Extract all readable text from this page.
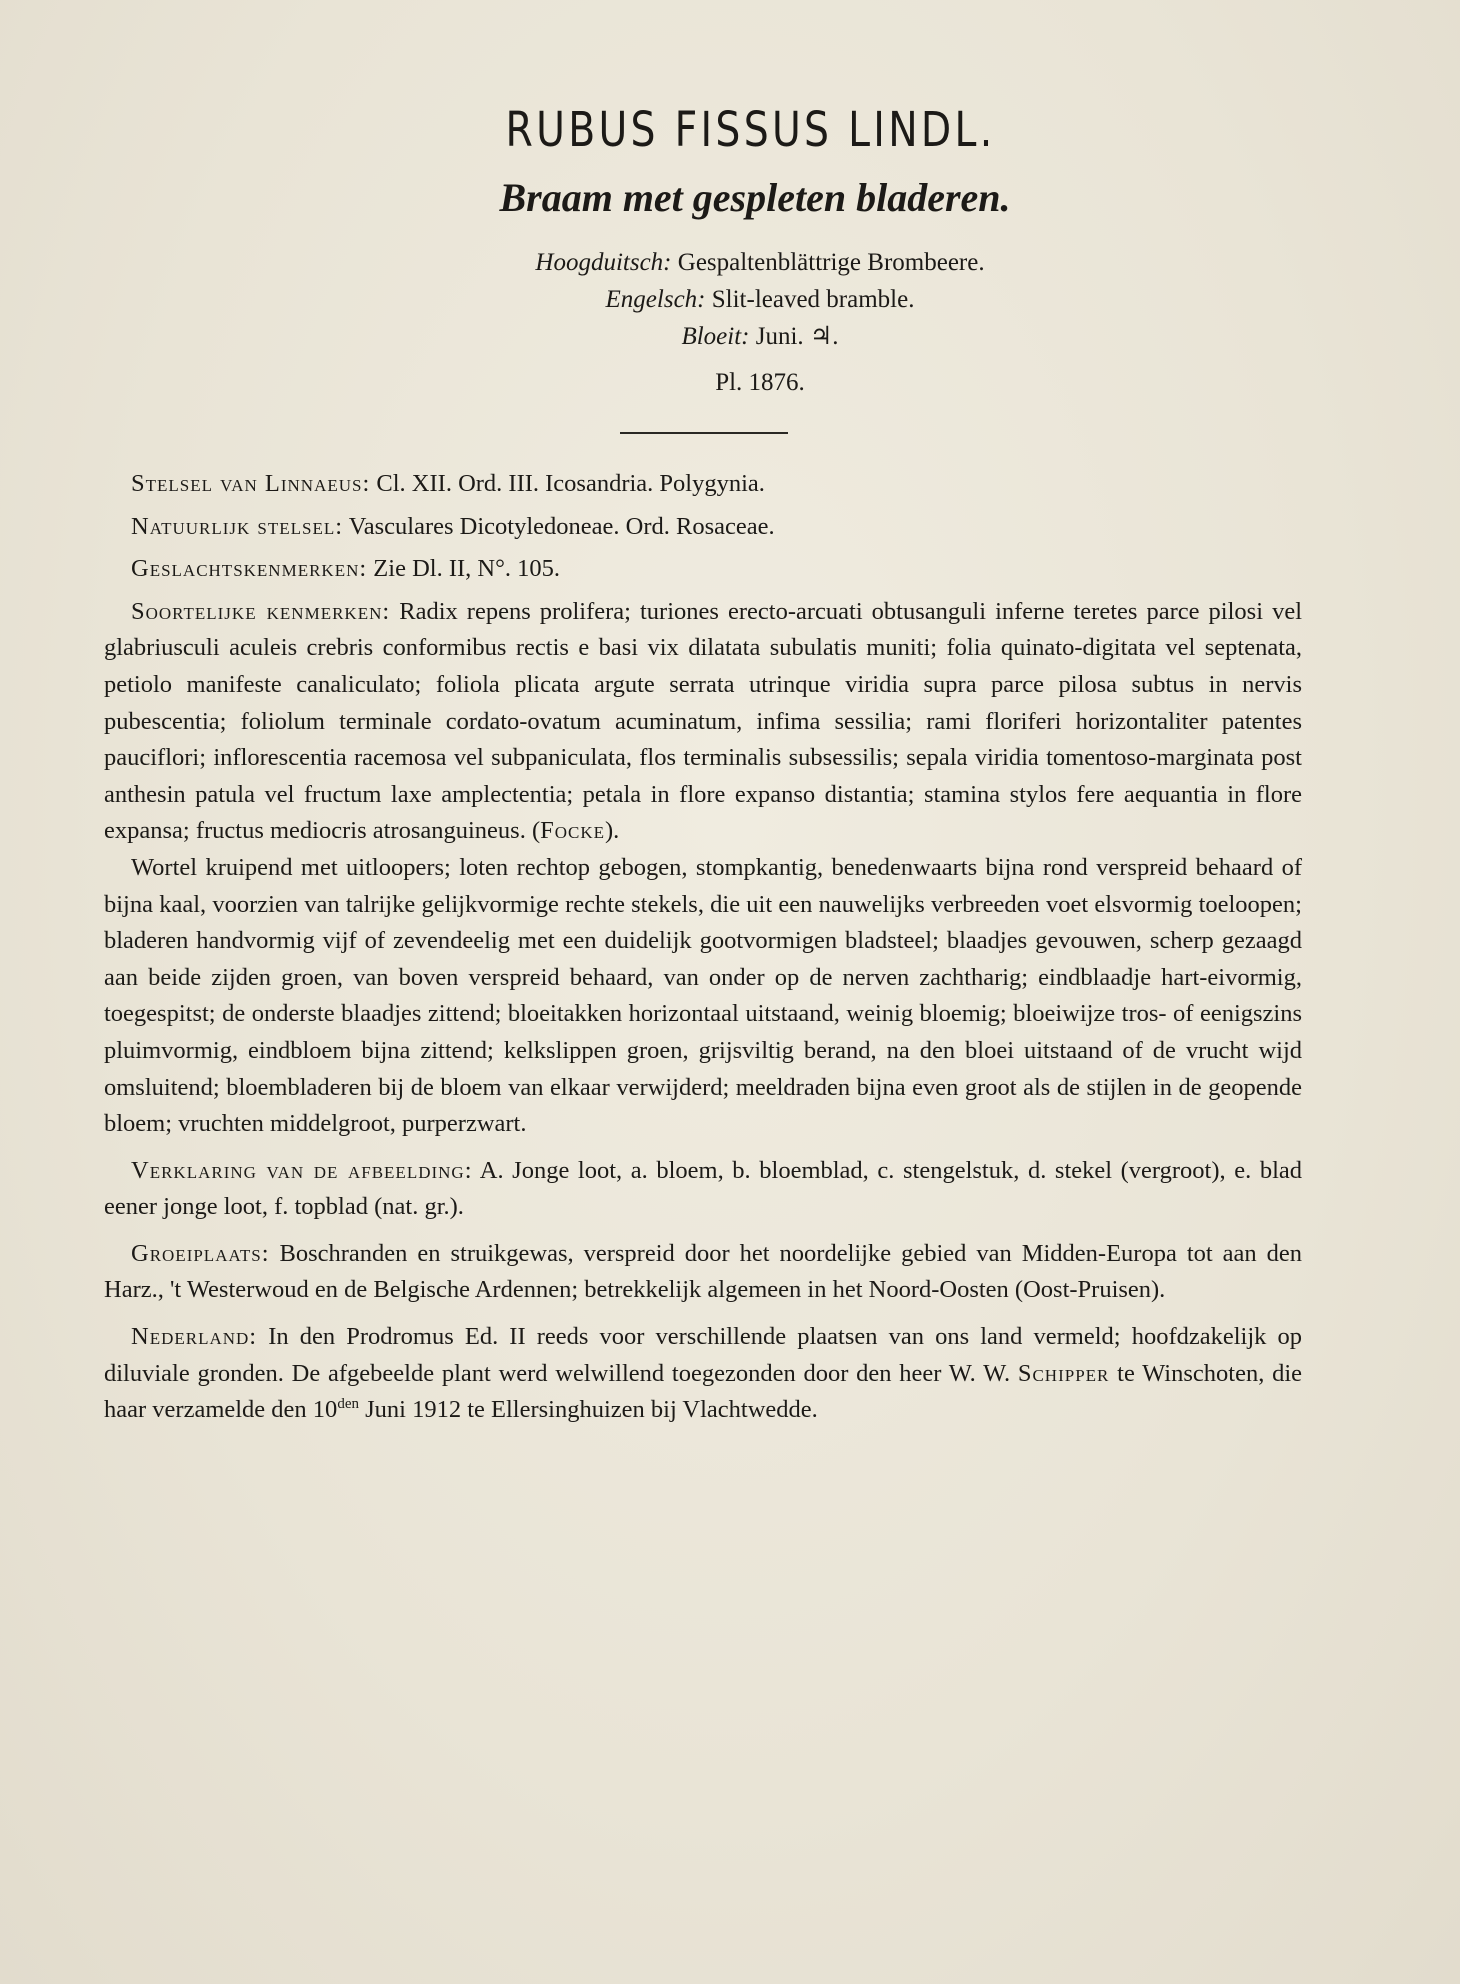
RUBUS FISSUS LINDL.
Braam met gespleten bladeren.
Hoogduitsch: Gespaltenblättrige Brombeere.
Engelsch: Slit-leaved bramble.
Bloeit: Juni. ♃.
Pl. 1876.

Stelsel van Linnaeus: Cl. XII. Ord. III. Icosandria. Polygynia.

Natuurlijk stelsel: Vasculares Dicotyledoneae. Ord. Rosaceae.

Geslachtskenmerken: Zie Dl. II, N°. 105.

Soortelijke kenmerken: Radix repens prolifera; turiones erecto-arcuati obtusanguli inferne teretes parce pilosi vel glabriusculi aculeis crebris conformibus rectis e basi vix dilatata subulatis muniti; folia quinato-digitata vel septenata, petiolo manifeste canaliculato; foliola plicata argute serrata utrinque viridia supra parce pilosa subtus in nervis pubescentia; foliolum terminale cordato-ovatum acuminatum, infima sessilia; rami floriferi horizontaliter patentes pauciflori; inflorescentia racemosa vel subpaniculata, flos terminalis subsessilis; sepala viridia tomentoso-marginata post anthesin patula vel fructum laxe amplectentia; petala in flore expanso distantia; stamina stylos fere aequantia in flore expansa; fructus mediocris atrosanguineus. (Focke).

Wortel kruipend met uitloopers; loten rechtop gebogen, stompkantig, benedenwaarts bijna rond verspreid behaard of bijna kaal, voorzien van talrijke gelijkvormige rechte stekels, die uit een nauwelijks verbreeden voet elsvormig toeloopen; bladeren handvormig vijf of zevendeelig met een duidelijk gootvormigen bladsteel; blaadjes gevouwen, scherp gezaagd aan beide zijden groen, van boven verspreid behaard, van onder op de nerven zachtharig; eindblaadje hart-eivormig, toegespitst; de onderste blaadjes zittend; bloeitakken horizontaal uitstaand, weinig bloemig; bloeiwijze tros- of eenigszins pluimvormig, eindbloem bijna zittend; kelkslippen groen, grijsviltig berand, na den bloei uitstaand of de vrucht wijd omsluitend; bloembladeren bij de bloem van elkaar verwijderd; meeldraden bijna even groot als de stijlen in de geopende bloem; vruchten middelgroot, purperzwart.

Verklaring van de afbeelding: A. Jonge loot, a. bloem, b. bloemblad, c. stengelstuk, d. stekel (vergroot), e. blad eener jonge loot, f. topblad (nat. gr.).

Groeiplaats: Boschranden en struikgewas, verspreid door het noordelijke gebied van Midden-Europa tot aan den Harz., 't Westerwoud en de Belgische Ardennen; betrekkelijk algemeen in het Noord-Oosten (Oost-Pruisen).

Nederland: In den Prodromus Ed. II reeds voor verschillende plaatsen van ons land vermeld; hoofdzakelijk op diluviale gronden. De afgebeelde plant werd welwillend toegezonden door den heer W. W. Schipper te Winschoten, die haar verzamelde den $10^{den}$ Juni 1912 te Ellersinghuizen bij Vlachtwedde.
